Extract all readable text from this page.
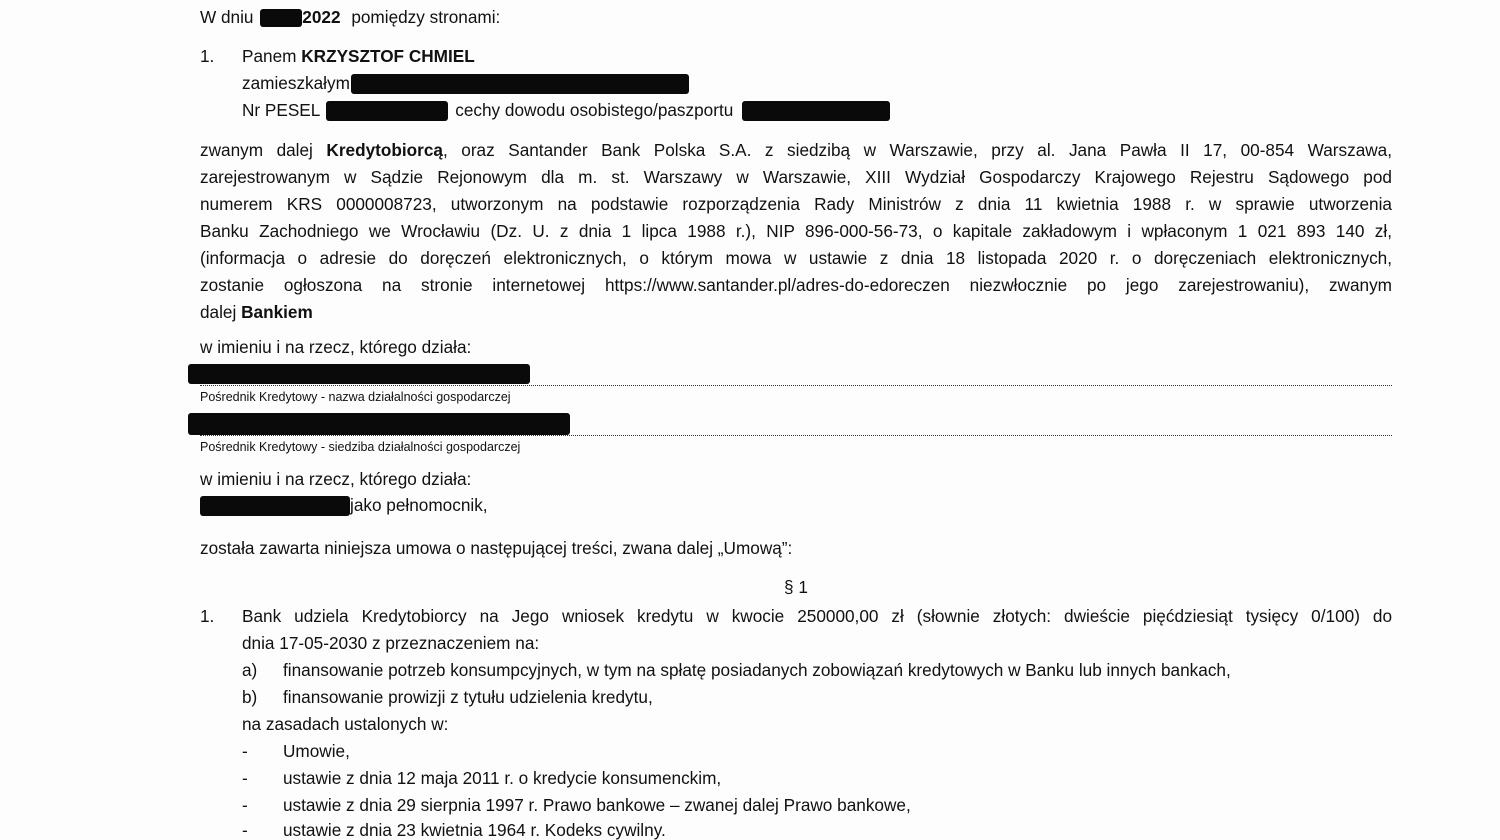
W dniu	2022 pomiędzy stronami:
1. Panem KRZYSZTOF CHMIEL
zamieszkałym
Nr PESEL	cechy dowodu osobistego/paszportu
zwanym dalej Kredytobiorcą, oraz Santander Bank Polska S.A. z siedzibą w Warszawie, przy al. Jana Pawła II 17, 00-854 Warszawa,
zarejestrowanym w Sądzie Rejonowym dla m. st. Warszawy w Warszawie, XIII Wydział Gospodarczy Krajowego Rejestru Sądowego pod
numerem KRS 0000008723, utworzonym na podstawie rozporządzenia Rady Ministrów z dnia 11 kwietnia 1988 r. w sprawie utworzenia
Banku Zachodniego we Wrocławiu (Dz. U. z dnia 1 lipca 1988 r.), NIP 896-000-56-73, o kapitale zakładowym i wpłaconym 1 021 893 140 zł,
(informacja o adresie do doręczeń elektronicznych, o którym mowa w ustawie z dnia 18 listopada 2020 r. o doręczeniach elektronicznych,
zostanie ogłoszona na stronie internetowej https://www.santander.pl/adres-do-edoreczen niezwłocznie po jego zarejestrowaniu), zwanym
dalej Bankiem
w imieniu i na rzecz, którego działa:
Pośrednik Kredytowy - nazwa działalności gospodarczej
Pośrednik Kredytowy - siedziba działalności gospodarczej
w imieniu i na rzecz, którego działa:
jako pełnomocnik,
została zawarta niniejsza umowa o następującej treści, zwana dalej „Umową”:
§ 1
1. Bank udziela Kredytobiorcy na Jego wniosek kredytu w kwocie 250000,00 zł (słownie złotych: dwieście pięćdziesiąt tysięcy 0/100) do
dnia 17-05-2030 z przeznaczeniem na:
a) finansowanie potrzeb konsumpcyjnych, w tym na spłatę posiadanych zobowiązań kredytowych w Banku lub innych bankach,
b) finansowanie prowizji z tytułu udzielenia kredytu,
na zasadach ustalonych w:
- Umowie,
- ustawie z dnia 12 maja 2011 r. o kredycie konsumenckim,
- ustawie z dnia 29 sierpnia 1997 r. Prawo bankowe – zwanej dalej Prawo bankowe,
- ustawie z dnia 23 kwietnia 1964 r. Kodeks cywilny.
